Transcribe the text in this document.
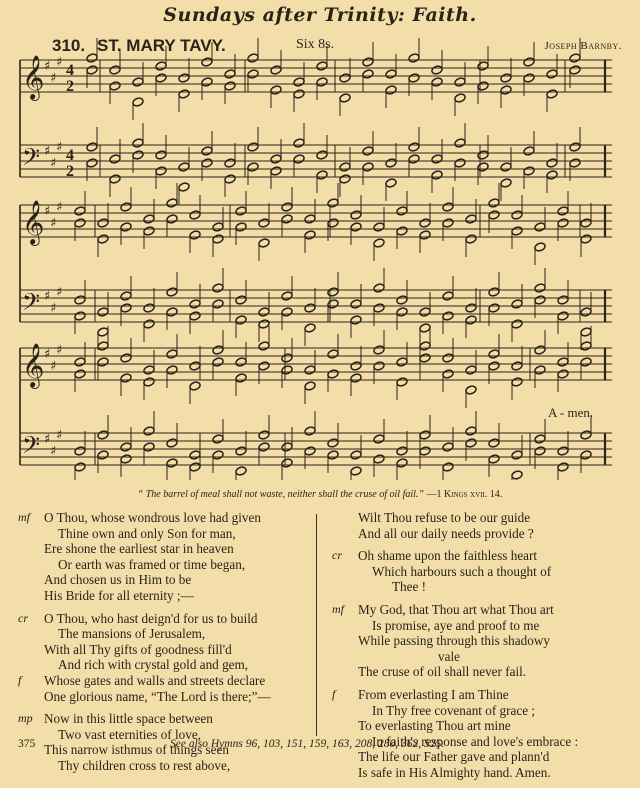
Sundays after Trinity: Faith.
310. ST. MARY TAVY.	Six 8s.	Joseph Barnby.
𝄞 ♯
♯
♯ 4
2
𝄢 ♯
♯
♯ 4
2
𝄞 ♯
♯
♯
𝄢 ♯
♯
♯
𝄞 ♯
♯
♯
𝄢 ♯
♯
♯
A - men.
“ The barrel of meal shall not waste, neither shall the cruse of oil fail.” —1 Kings xvii. 14.
mf O Thou, whose wondrous love had given
Thine own and only Son for man,
Ere shone the earliest star in heaven
Or earth was framed or time began,
And chosen us in Him to be
His Bride for all eternity ;—
cr O Thou, who hast deign'd for us to build
The mansions of Jerusalem,
With all Thy gifts of goodness fill'd
And rich with crystal gold and gem,
f Whose gates and walls and streets declare
One glorious name, “The Lord is there;”—
mp Now in this little space between
Two vast eternities of love,
This narrow isthmus of things seen
Thy children cross to rest above,
Wilt Thou refuse to be our guide
And all our daily needs provide ?
cr Oh shame upon the faithless heart
Which harbours such a thought of
Thee !
mf My God, that Thou art what Thou art
Is promise, aye and proof to me
While passing through this shadowy
vale
The cruse of oil shall never fail.
f From everlasting I am Thine
In Thy free covenant of grace ;
To everlasting Thou art mine
In faith's response and love's embrace :
The life our Father gave and plann'd
Is safe in His Almighty hand. Amen.
375	See also Hymns 96, 103, 151, 159, 163, 208, 280, 362, 525.
